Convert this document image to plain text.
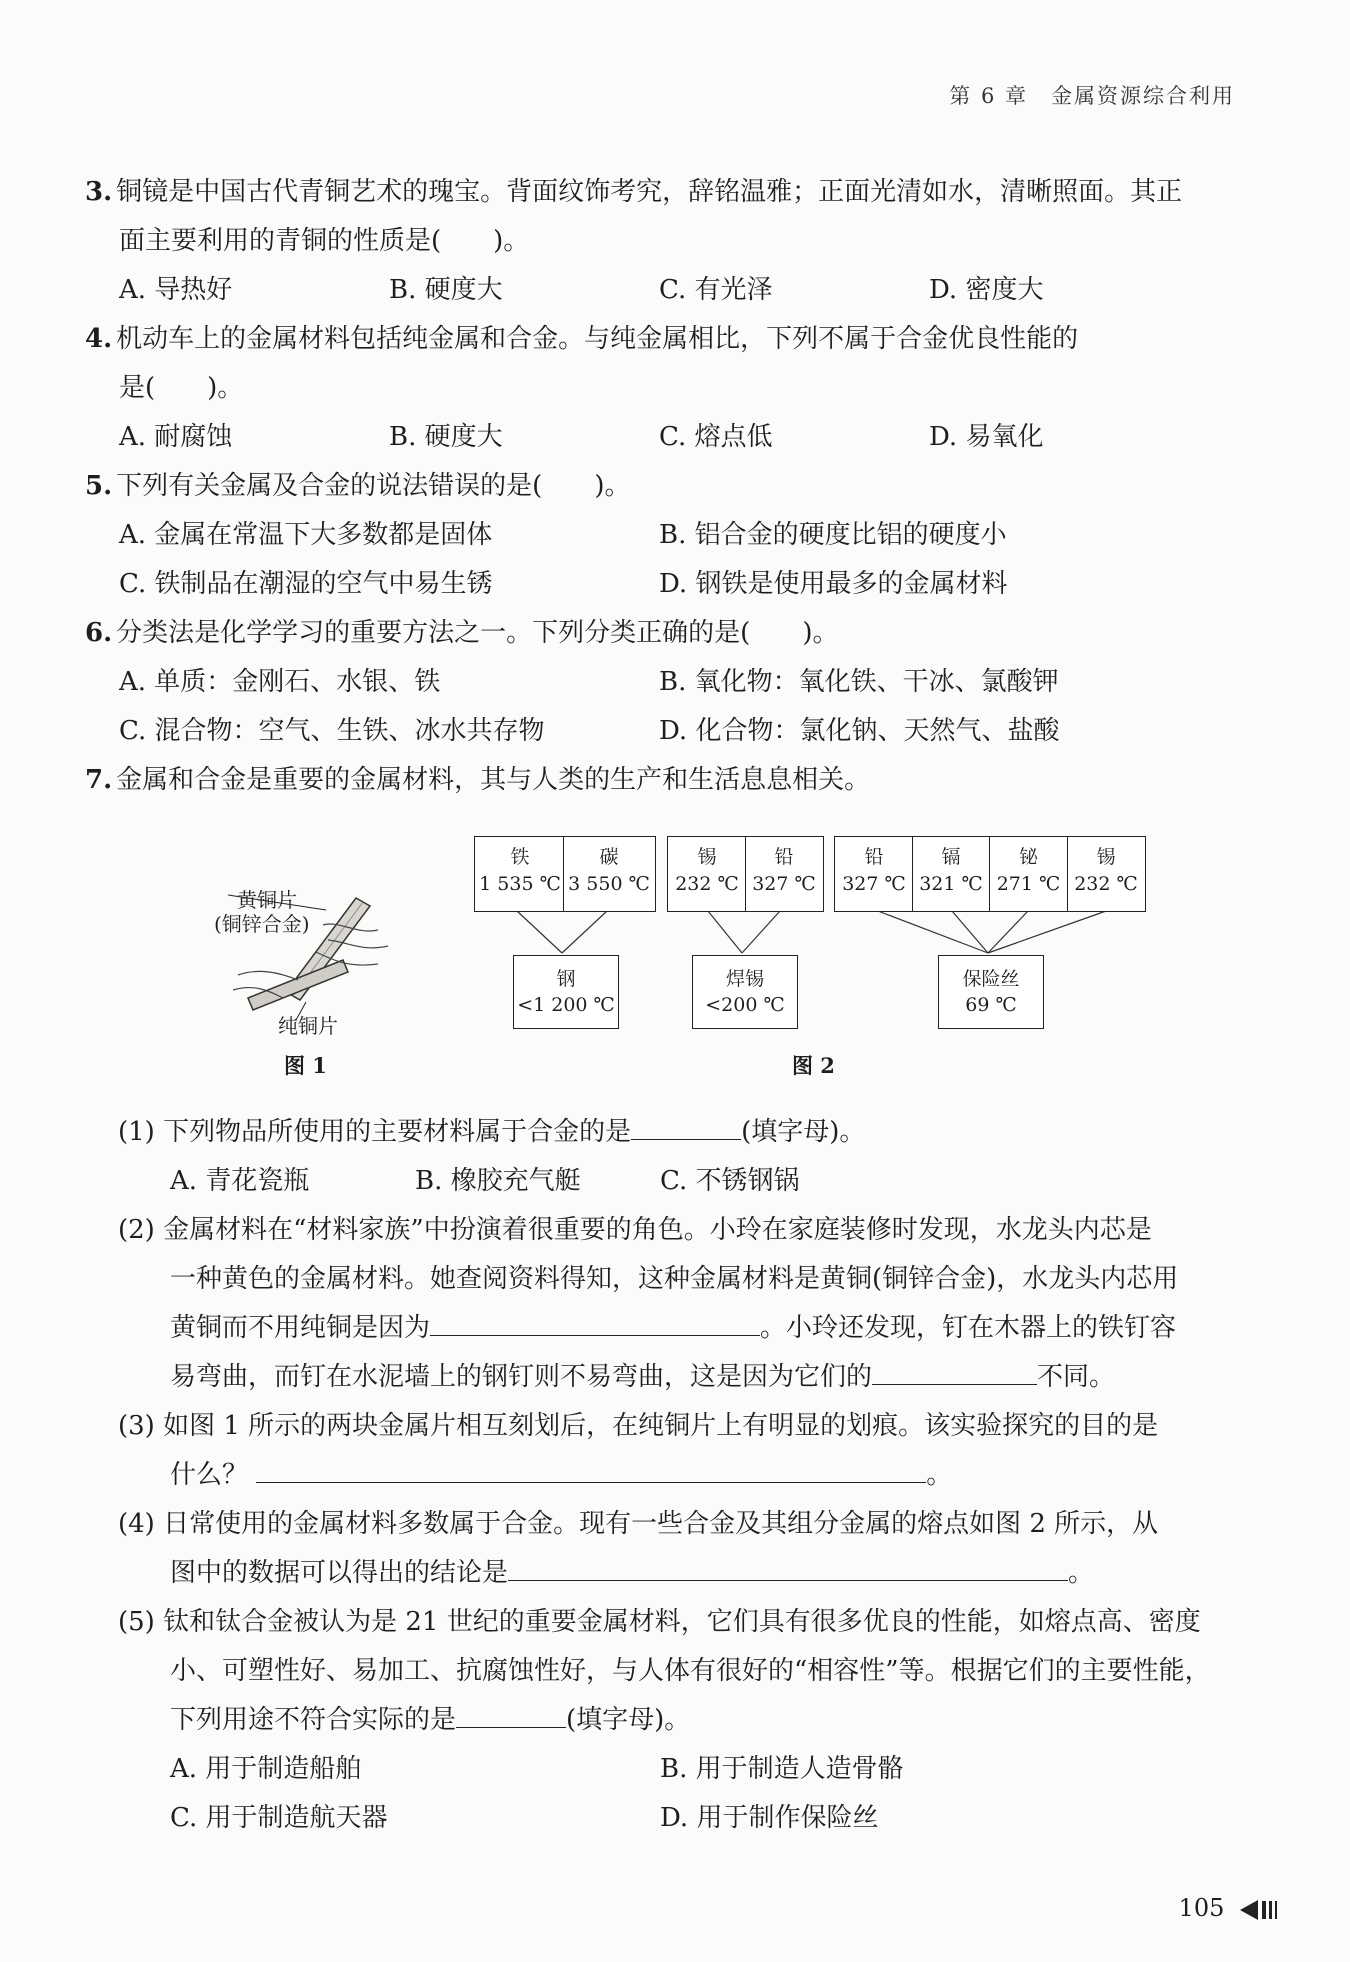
第 6 章　金属资源综合利用
3. 铜镜是中国古代青铜艺术的瑰宝。背面纹饰考究，辞铭温雅；正面光清如水，清晰照面。其正
面主要利用的青铜的性质是( )。
A. 导热好	B. 硬度大	C. 有光泽	D. 密度大
4. 机动车上的金属材料包括纯金属和合金。与纯金属相比，下列不属于合金优良性能的
是( )。
A. 耐腐蚀	B. 硬度大	C. 熔点低	D. 易氧化
5. 下列有关金属及合金的说法错误的是( )。
A. 金属在常温下大多数都是固体	B. 铝合金的硬度比铝的硬度小
C. 铁制品在潮湿的空气中易生锈	D. 钢铁是使用最多的金属材料
6. 分类法是化学学习的重要方法之一。下列分类正确的是( )。
A. 单质：金刚石、水银、铁	B. 氧化物：氧化铁、干冰、氯酸钾
C. 混合物：空气、生铁、冰水共存物	D. 化合物：氯化钠、天然气、盐酸
7. 金属和合金是重要的金属材料，其与人类的生产和生活息息相关。
黄铜片
(铜锌合金)
纯铜片
图 1
铁
1 535 ℃
碳
3 550 ℃
锡
232 ℃
铅
327 ℃
铅
327 ℃
镉
321 ℃
铋
271 ℃
锡
232 ℃
钢
<1 200 ℃
焊锡
<200 ℃
保险丝
69 ℃
图 2
(1) 下列物品所使用的主要材料属于合金的是	(填字母)。
A. 青花瓷瓶	B. 橡胶充气艇	C. 不锈钢锅
(2) 金属材料在“材料家族”中扮演着很重要的角色。小玲在家庭装修时发现，水龙头内芯是
一种黄色的金属材料。她查阅资料得知，这种金属材料是黄铜(铜锌合金)，水龙头内芯用
黄铜而不用纯铜是因为	。小玲还发现，钉在木器上的铁钉容
易弯曲，而钉在水泥墙上的钢钉则不易弯曲，这是因为它们的	不同。
(3) 如图 1 所示的两块金属片相互刻划后，在纯铜片上有明显的划痕。该实验探究的目的是
什么？	。
(4) 日常使用的金属材料多数属于合金。现有一些合金及其组分金属的熔点如图 2 所示，从
图中的数据可以得出的结论是	。
(5) 钛和钛合金被认为是 21 世纪的重要金属材料，它们具有很多优良的性能，如熔点高、密度
小、可塑性好、易加工、抗腐蚀性好，与人体有很好的“相容性”等。根据它们的主要性能，
下列用途不符合实际的是	(填字母)。
A. 用于制造船舶	B. 用于制造人造骨骼
C. 用于制造航天器	D. 用于制作保险丝
105
